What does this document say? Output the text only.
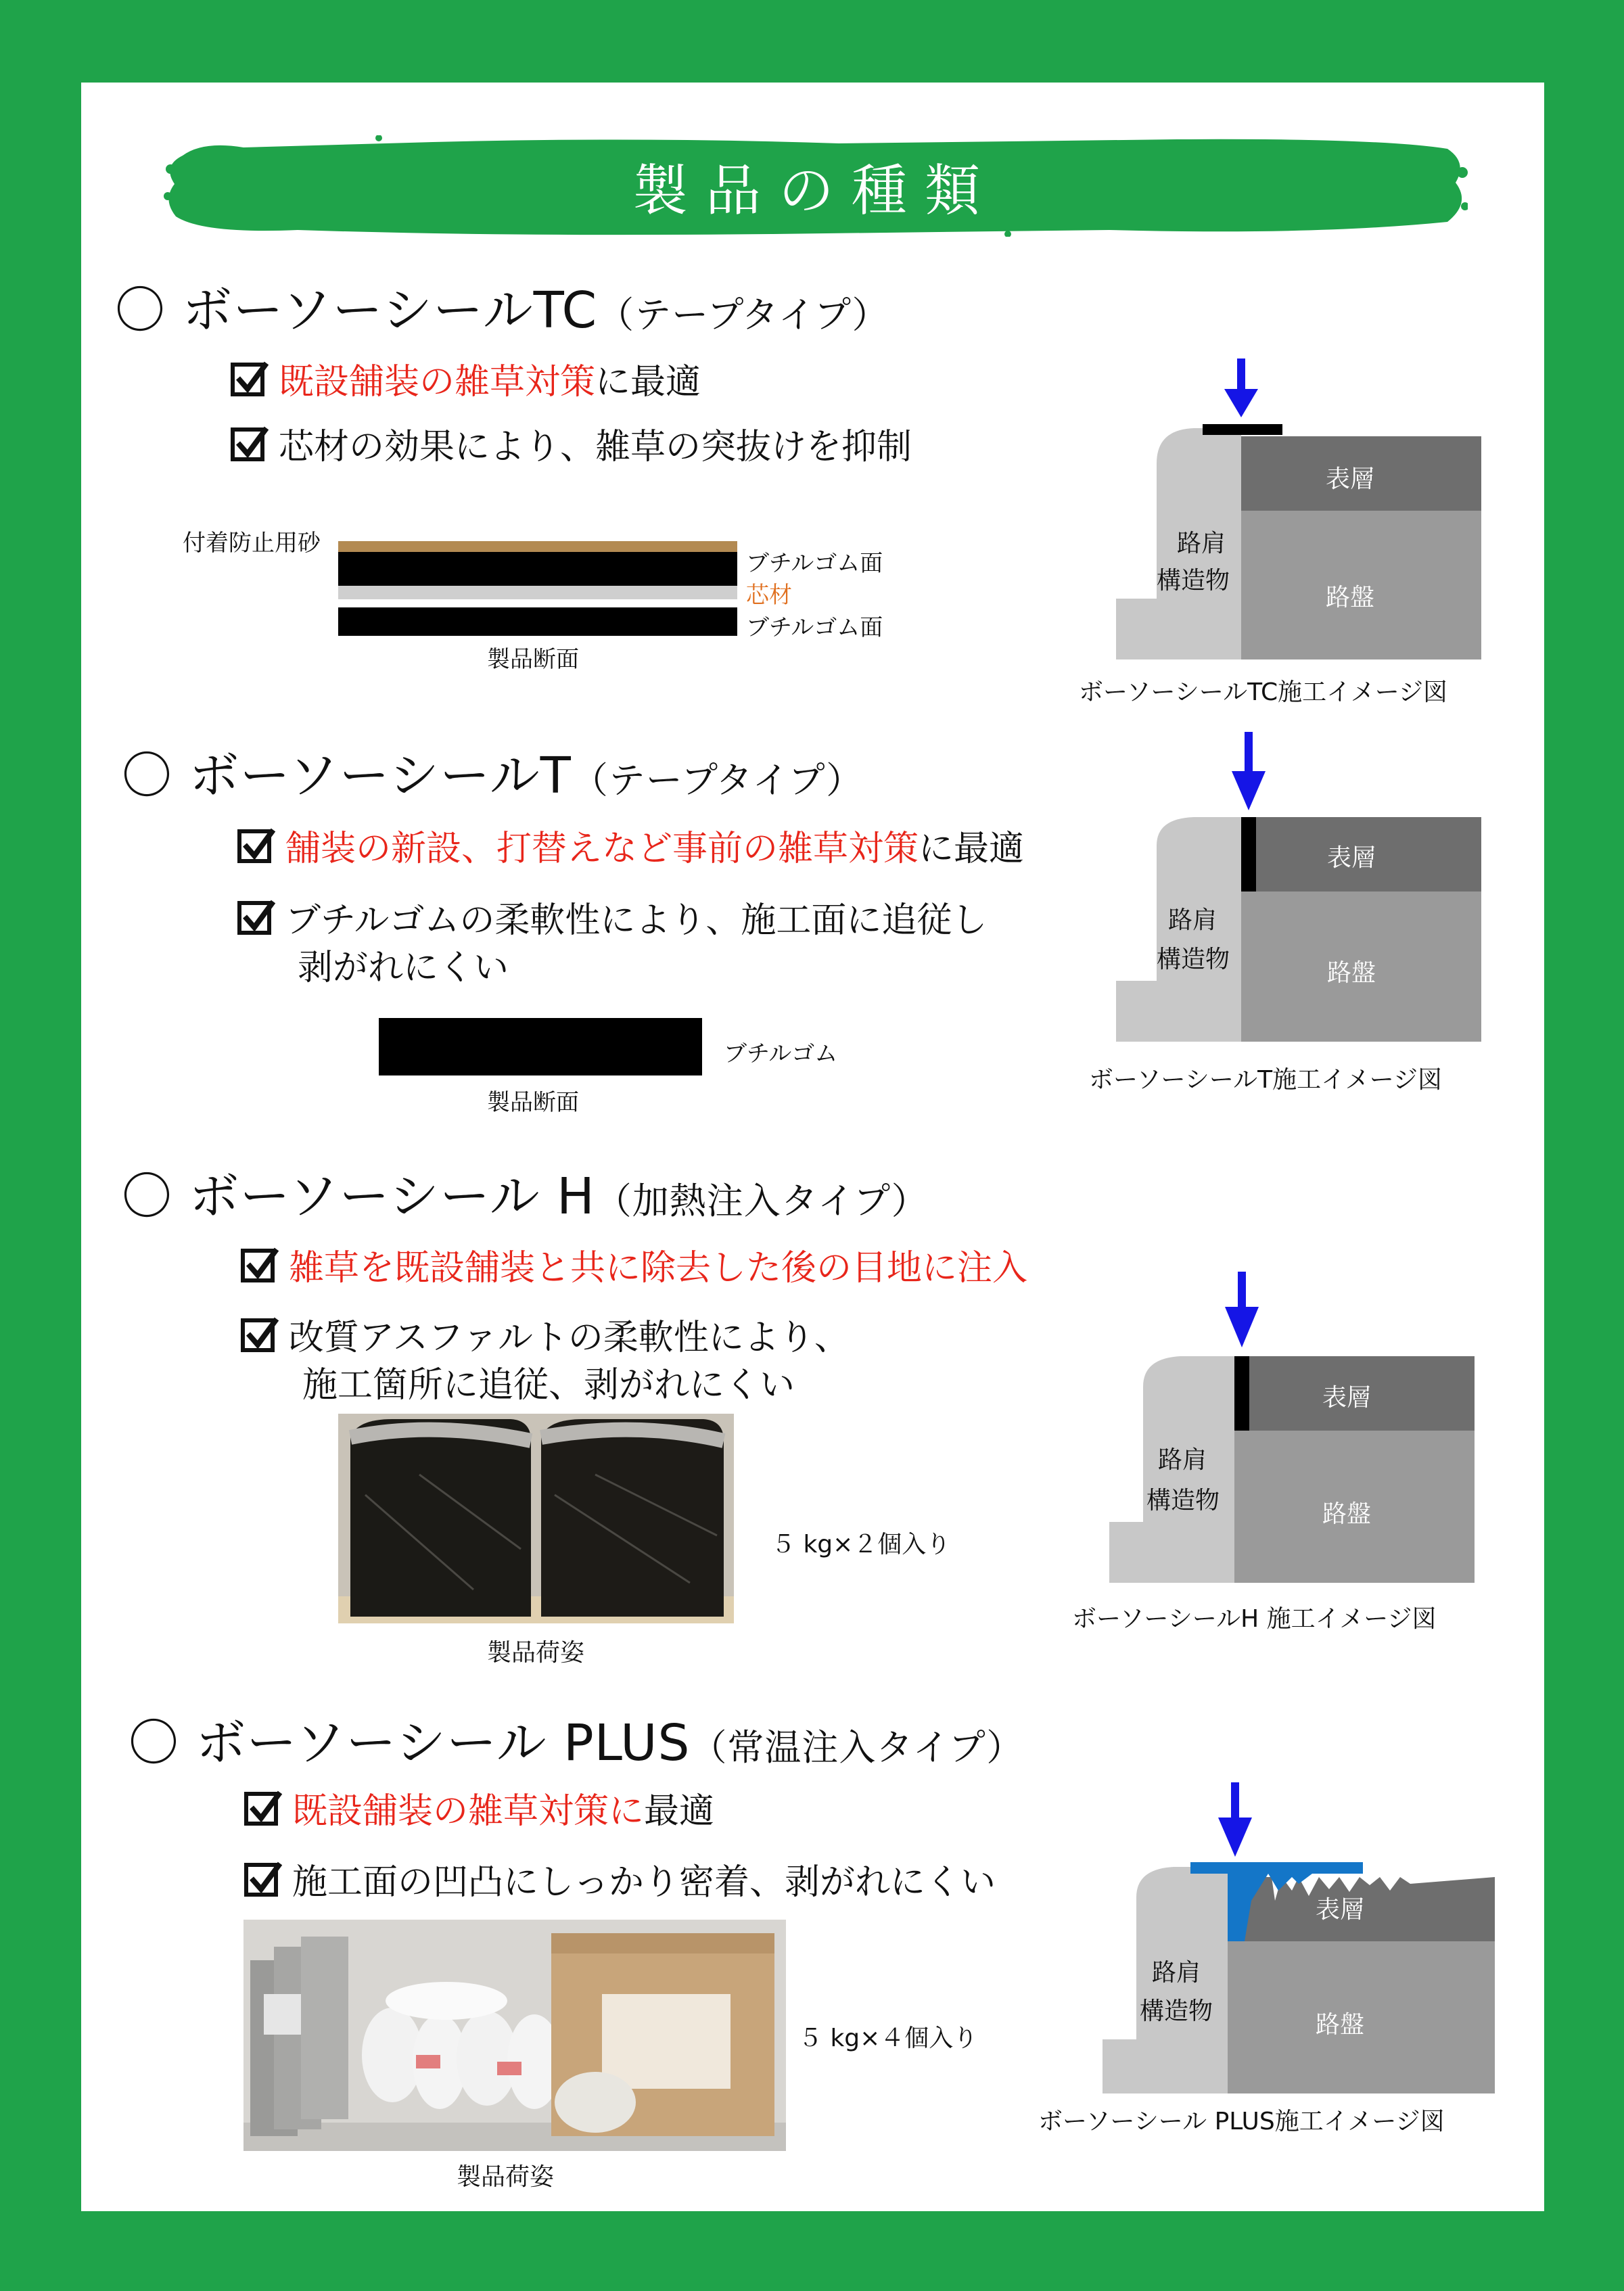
製品の種類
〇 ボーソーシールTC（テープタイプ）
既設舗装の雑草対策 に最適
芯材の効果により、雑草の突抜けを抑制
付着防止用砂
ブチルゴム面
芯材
ブチルゴム面
製品断面
表層
路盤
路肩
構造物
ボーソーシールTC施工イメージ図
〇 ボーソーシールT（テープタイプ）
舗装の新設、打替えなど事前の雑草対策 に最適
ブチルゴムの柔軟性により、施工面に追従し
剥がれにくい
ブチルゴム
製品断面
表層
路盤
路肩
構造物
ボーソーシールT施工イメージ図
〇 ボーソーシール H（加熱注入タイプ）
雑草を既設舗装と共に除去した後の目地に注入
改質アスファルトの柔軟性により、
施工箇所に追従、剥がれにくい
製品荷姿
５ kg×２個入り
表層
路盤
路肩
構造物
ボーソーシールH 施工イメージ図
〇 ボーソーシール PLUS（常温注入タイプ）
既設舗装の雑草対策に 最適
施工面の凹凸にしっかり密着、剥がれにくい
製品荷姿
５ kg×４個入り
表層
路盤
路肩
構造物
ボーソーシール PLUS施工イメージ図
